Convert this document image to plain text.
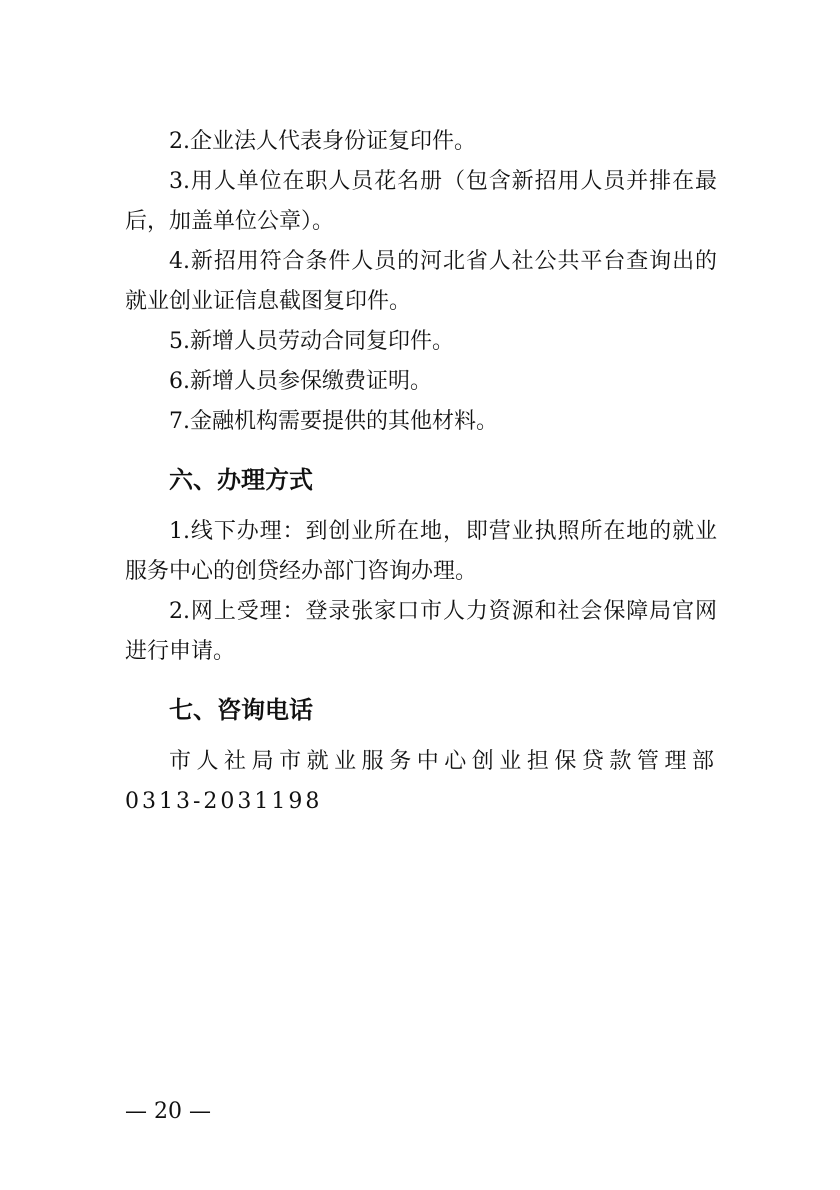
2.企业法人代表身份证复印件。

3.用人单位在职人员花名册（包含新招用人员并排在最后，加盖单位公章）。

4.新招用符合条件人员的河北省人社公共平台查询出的就业创业证信息截图复印件。

5.新增人员劳动合同复印件。

6.新增人员参保缴费证明。

7.金融机构需要提供的其他材料。

六、办理方式

1.线下办理：到创业所在地，即营业执照所在地的就业服务中心的创贷经办部门咨询办理。

2.网上受理：登录张家口市人力资源和社会保障局官网进行申请。

七、咨询电话

市人社局市就业服务中心创业担保贷款管理部0313-2031198

— 20 —
